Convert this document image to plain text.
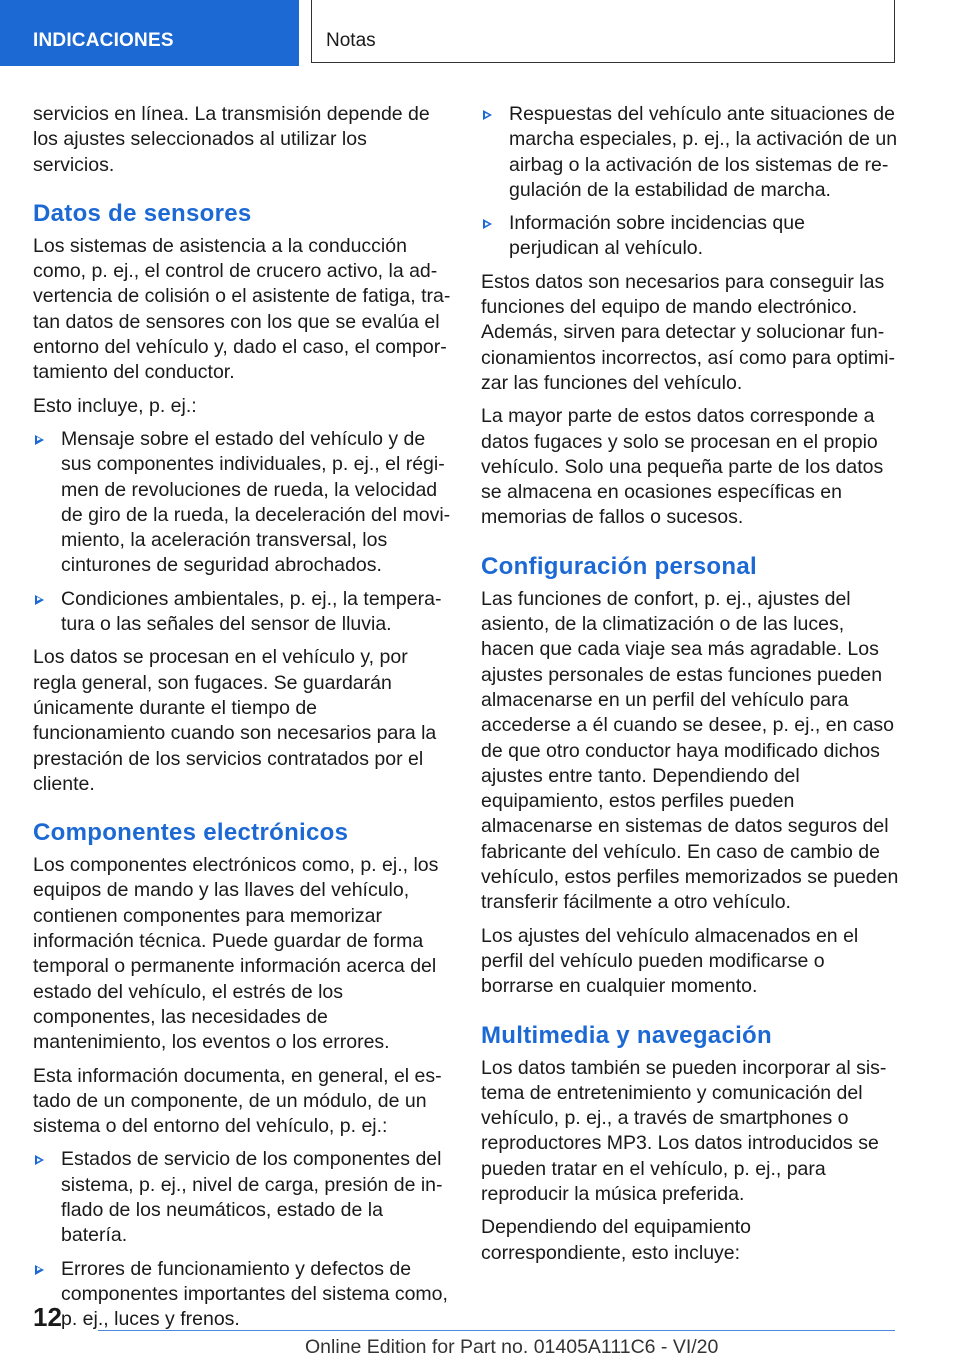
INDICACIONES	Notas

servicios en línea. La transmisión depende de los ajustes seleccionados al utilizar los servicios.

Datos de sensores

Los sistemas de asistencia a la conducción como, p. ej., el control de crucero activo, la advertencia de colisión o el asistente de fatiga, tratan datos de sensores con los que se evalúa el entorno del vehículo y, dado el caso, el comportamiento del conductor.

Esto incluye, p. ej.:

Mensaje sobre el estado del vehículo y de sus componentes individuales, p. ej., el régimen de revoluciones de rueda, la velocidad de giro de la rueda, la deceleración del movimiento, la aceleración transversal, los cinturones de seguridad abrochados.
Condiciones ambientales, p. ej., la temperatura o las señales del sensor de lluvia.

Los datos se procesan en el vehículo y, por regla general, son fugaces. Se guardarán únicamente durante el tiempo de funcionamiento cuando son necesarios para la prestación de los servicios contratados por el cliente.

Componentes electrónicos

Los componentes electrónicos como, p. ej., los equipos de mando y las llaves del vehículo, contienen componentes para memorizar información técnica. Puede guardar de forma temporal o permanente información acerca del estado del vehículo, el estrés de los componentes, las necesidades de mantenimiento, los eventos o los errores.

Esta información documenta, en general, el estado de un componente, de un módulo, de un sistema o del entorno del vehículo, p. ej.:

Estados de servicio de los componentes del sistema, p. ej., nivel de carga, presión de inflado de los neumáticos, estado de la batería.
Errores de funcionamiento y defectos de componentes importantes del sistema como, p. ej., luces y frenos.
Respuestas del vehículo ante situaciones de marcha especiales, p. ej., la activación de un airbag o la activación de los sistemas de regulación de la estabilidad de marcha.
Información sobre incidencias que perjudican al vehículo.

Estos datos son necesarios para conseguir las funciones del equipo de mando electrónico. Además, sirven para detectar y solucionar funcionamientos incorrectos, así como para optimizar las funciones del vehículo.

La mayor parte de estos datos corresponde a datos fugaces y solo se procesan en el propio vehículo. Solo una pequeña parte de los datos se almacena en ocasiones específicas en memorias de fallos o sucesos.

Configuración personal

Las funciones de confort, p. ej., ajustes del asiento, de la climatización o de las luces, hacen que cada viaje sea más agradable. Los ajustes personales de estas funciones pueden almacenarse en un perfil del vehículo para accederse a él cuando se desee, p. ej., en caso de que otro conductor haya modificado dichos ajustes entre tanto. Dependiendo del equipamiento, estos perfiles pueden almacenarse en sistemas de datos seguros del fabricante del vehículo. En caso de cambio de vehículo, estos perfiles memorizados se pueden transferir fácilmente a otro vehículo.

Los ajustes del vehículo almacenados en el perfil del vehículo pueden modificarse o borrarse en cualquier momento.

Multimedia y navegación

Los datos también se pueden incorporar al sistema de entretenimiento y comunicación del vehículo, p. ej., a través de smartphones o reproductores MP3. Los datos introducidos se pueden tratar en el vehículo, p. ej., para reproducir la música preferida.

Dependiendo del equipamiento correspondiente, esto incluye:

12
Online Edition for Part no. 01405A111C6 - VI/20
